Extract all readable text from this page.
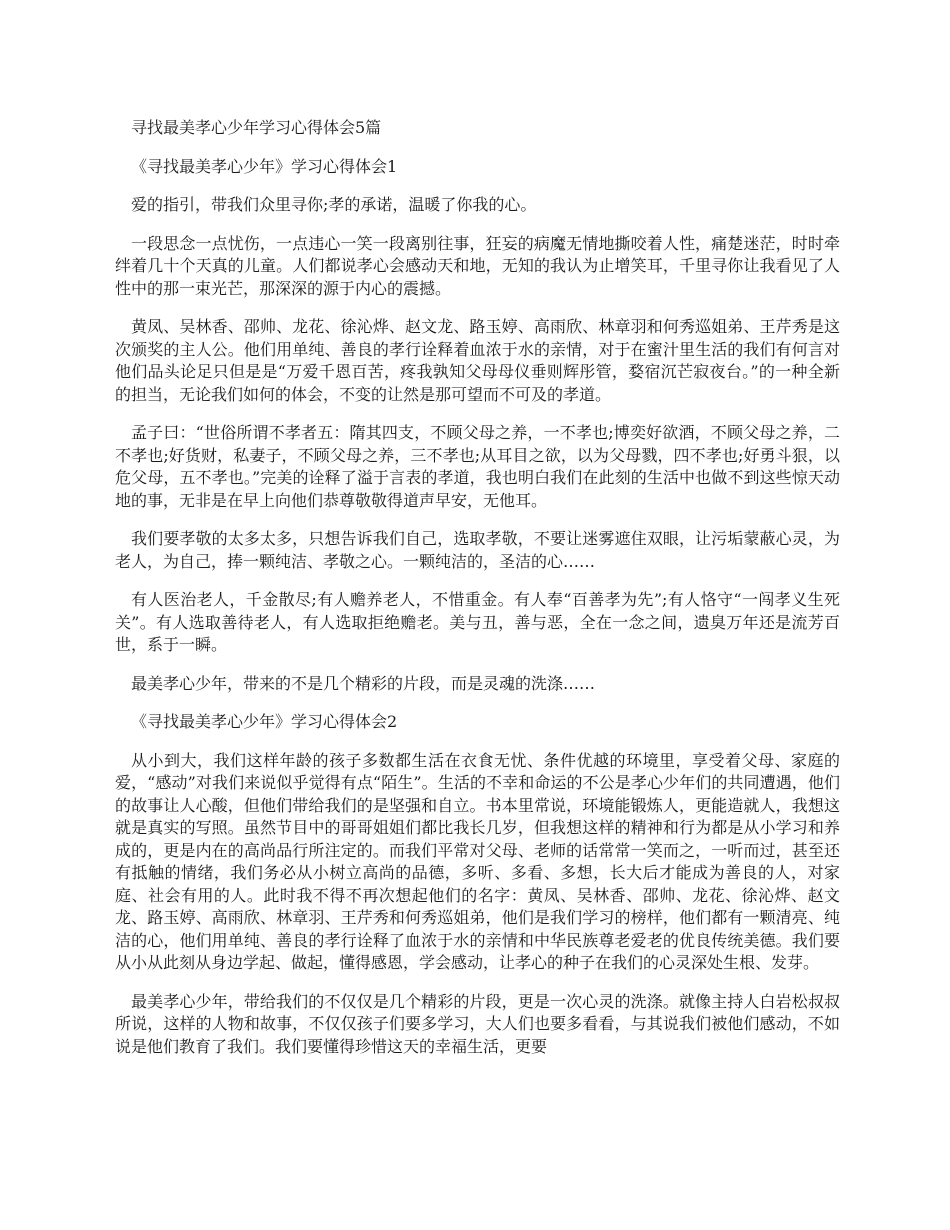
寻找最美孝心少年学习心得体会5篇

《寻找最美孝心少年》学习心得体会1

爱的指引，带我们众里寻你;孝的承诺，温暖了你我的心。

一段思念一点忧伤，一点违心一笑一段离别往事，狂妄的病魔无情地撕咬着人性，痛楚迷茫，时时牵绊着几十个天真的儿童。人们都说孝心会感动天和地，无知的我认为止增笑耳，千里寻你让我看见了人性中的那一束光芒，那深深的源于内心的震撼。

黄凤、吴林香、邵帅、龙花、徐沁烨、赵文龙、路玉婷、高雨欣、林章羽和何秀巡姐弟、王芹秀是这次颁奖的主人公。他们用单纯、善良的孝行诠释着血浓于水的亲情，对于在蜜汁里生活的我们有何言对他们品头论足只但是是“万爱千恩百苦，疼我孰知父母母仪垂则辉彤管，婺宿沉芒寂夜台。”的一种全新的担当，无论我们如何的体会，不变的让然是那可望而不可及的孝道。

孟子曰：“世俗所谓不孝者五：隋其四支，不顾父母之养，一不孝也;博奕好欲酒，不顾父母之养，二不孝也;好货财，私妻子，不顾父母之养，三不孝也;从耳目之欲，以为父母戮，四不孝也;好勇斗狠，以危父母，五不孝也。”完美的诠释了溢于言表的孝道，我也明白我们在此刻的生活中也做不到这些惊天动地的事，无非是在早上向他们恭尊敬敬得道声早安，无他耳。

我们要孝敬的太多太多，只想告诉我们自己，选取孝敬，不要让迷雾遮住双眼，让污垢蒙蔽心灵，为老人，为自己，捧一颗纯洁、孝敬之心。一颗纯洁的，圣洁的心……

有人医治老人，千金散尽;有人赡养老人，不惜重金。有人奉“百善孝为先”;有人恪守“一闯孝义生死关”。有人选取善待老人，有人选取拒绝赡老。美与丑，善与恶，全在一念之间，遗臭万年还是流芳百世，系于一瞬。

最美孝心少年，带来的不是几个精彩的片段，而是灵魂的洗涤……

《寻找最美孝心少年》学习心得体会2

从小到大，我们这样年龄的孩子多数都生活在衣食无忧、条件优越的环境里，享受着父母、家庭的爱，“感动”对我们来说似乎觉得有点“陌生”。生活的不幸和命运的不公是孝心少年们的共同遭遇，他们的故事让人心酸，但他们带给我们的是坚强和自立。书本里常说，环境能锻炼人，更能造就人，我想这就是真实的写照。虽然节目中的哥哥姐姐们都比我长几岁，但我想这样的精神和行为都是从小学习和养成的，更是内在的高尚品行所注定的。而我们平常对父母、老师的话常常一笑而之，一听而过，甚至还有抵触的情绪，我们务必从小树立高尚的品德，多听、多看、多想，长大后才能成为善良的人，对家庭、社会有用的人。此时我不得不再次想起他们的名字：黄凤、吴林香、邵帅、龙花、徐沁烨、赵文龙、路玉婷、高雨欣、林章羽、王芹秀和何秀巡姐弟，他们是我们学习的榜样，他们都有一颗清亮、纯洁的心，他们用单纯、善良的孝行诠释了血浓于水的亲情和中华民族尊老爱老的优良传统美德。我们要从小从此刻从身边学起、做起，懂得感恩，学会感动，让孝心的种子在我们的心灵深处生根、发芽。

最美孝心少年，带给我们的不仅仅是几个精彩的片段，更是一次心灵的洗涤。就像主持人白岩松叔叔所说，这样的人物和故事，不仅仅孩子们要多学习，大人们也要多看看，与其说我们被他们感动，不如说是他们教育了我们。我们要懂得珍惜这天的幸福生活，更要
